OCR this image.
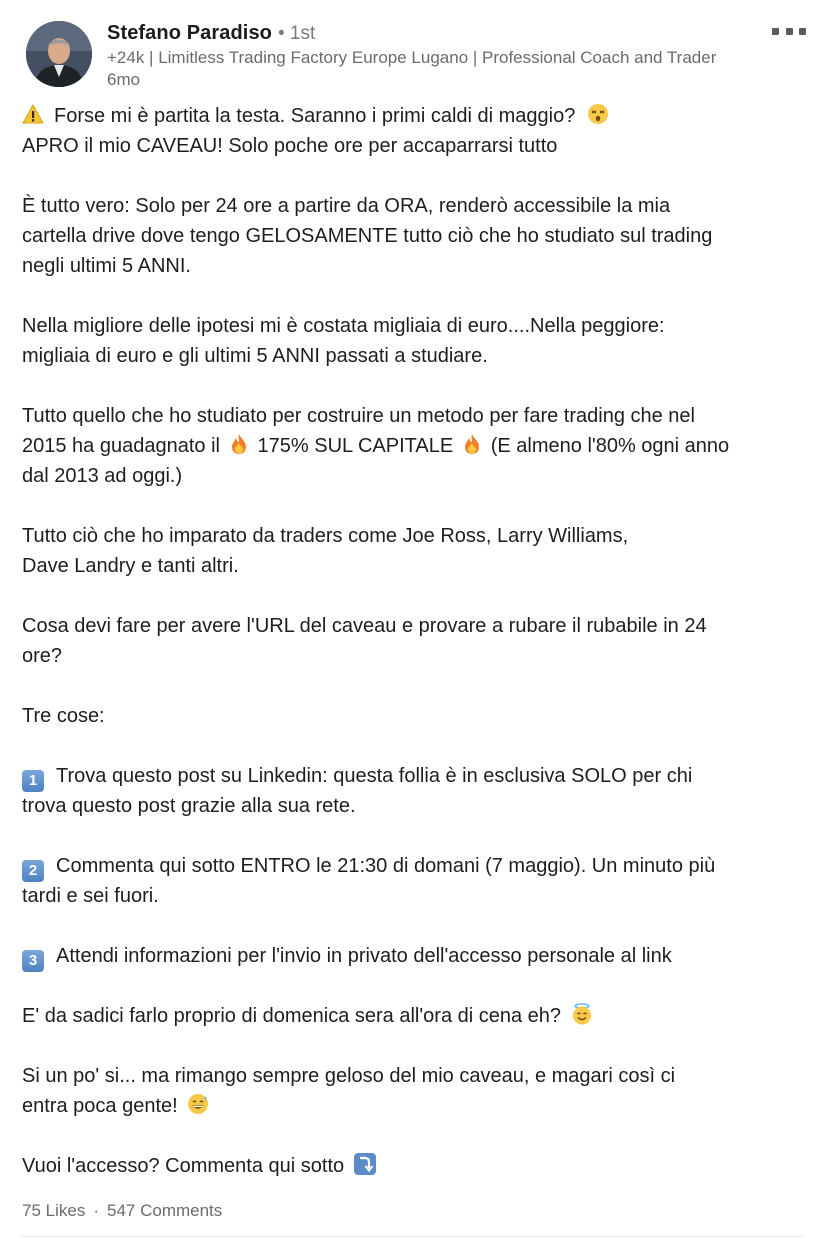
Stefano Paradiso • 1st
+24k | Limitless Trading Factory Europe Lugano | Professional Coach and Trader
6mo
Forse mi è partita la testa. Saranno i primi caldi di maggio?
APRO il mio CAVEAU! Solo poche ore per accaparrarsi tutto
È tutto vero: Solo per 24 ore a partire da ORA, renderò accessibile la mia
cartella drive dove tengo GELOSAMENTE tutto ciò che ho studiato sul trading
negli ultimi 5 ANNI.
Nella migliore delle ipotesi mi è costata migliaia di euro....Nella peggiore:
migliaia di euro e gli ultimi 5 ANNI passati a studiare.
Tutto quello che ho studiato per costruire un metodo per fare trading che nel
2015 ha guadagnato il 175% SUL CAPITALE (E almeno l'80% ogni anno
dal 2013 ad oggi.)
Tutto ciò che ho imparato da traders come Joe Ross, Larry Williams,
Dave Landry e tanti altri.
Cosa devi fare per avere l'URL del caveau e provare a rubare il rubabile in 24
ore?
Tre cose:
1 Trova questo post su Linkedin: questa follia è in esclusiva SOLO per chi
trova questo post grazie alla sua rete.
2 Commenta qui sotto ENTRO le 21:30 di domani (7 maggio). Un minuto più
tardi e sei fuori.
3 Attendi informazioni per l'invio in privato dell'accesso personale al link
E' da sadici farlo proprio di domenica sera all'ora di cena eh?
Si un po' si... ma rimango sempre geloso del mio caveau, e magari così ci
entra poca gente!
Vuoi l'accesso? Commenta qui sotto
75 Likes · 547 Comments
